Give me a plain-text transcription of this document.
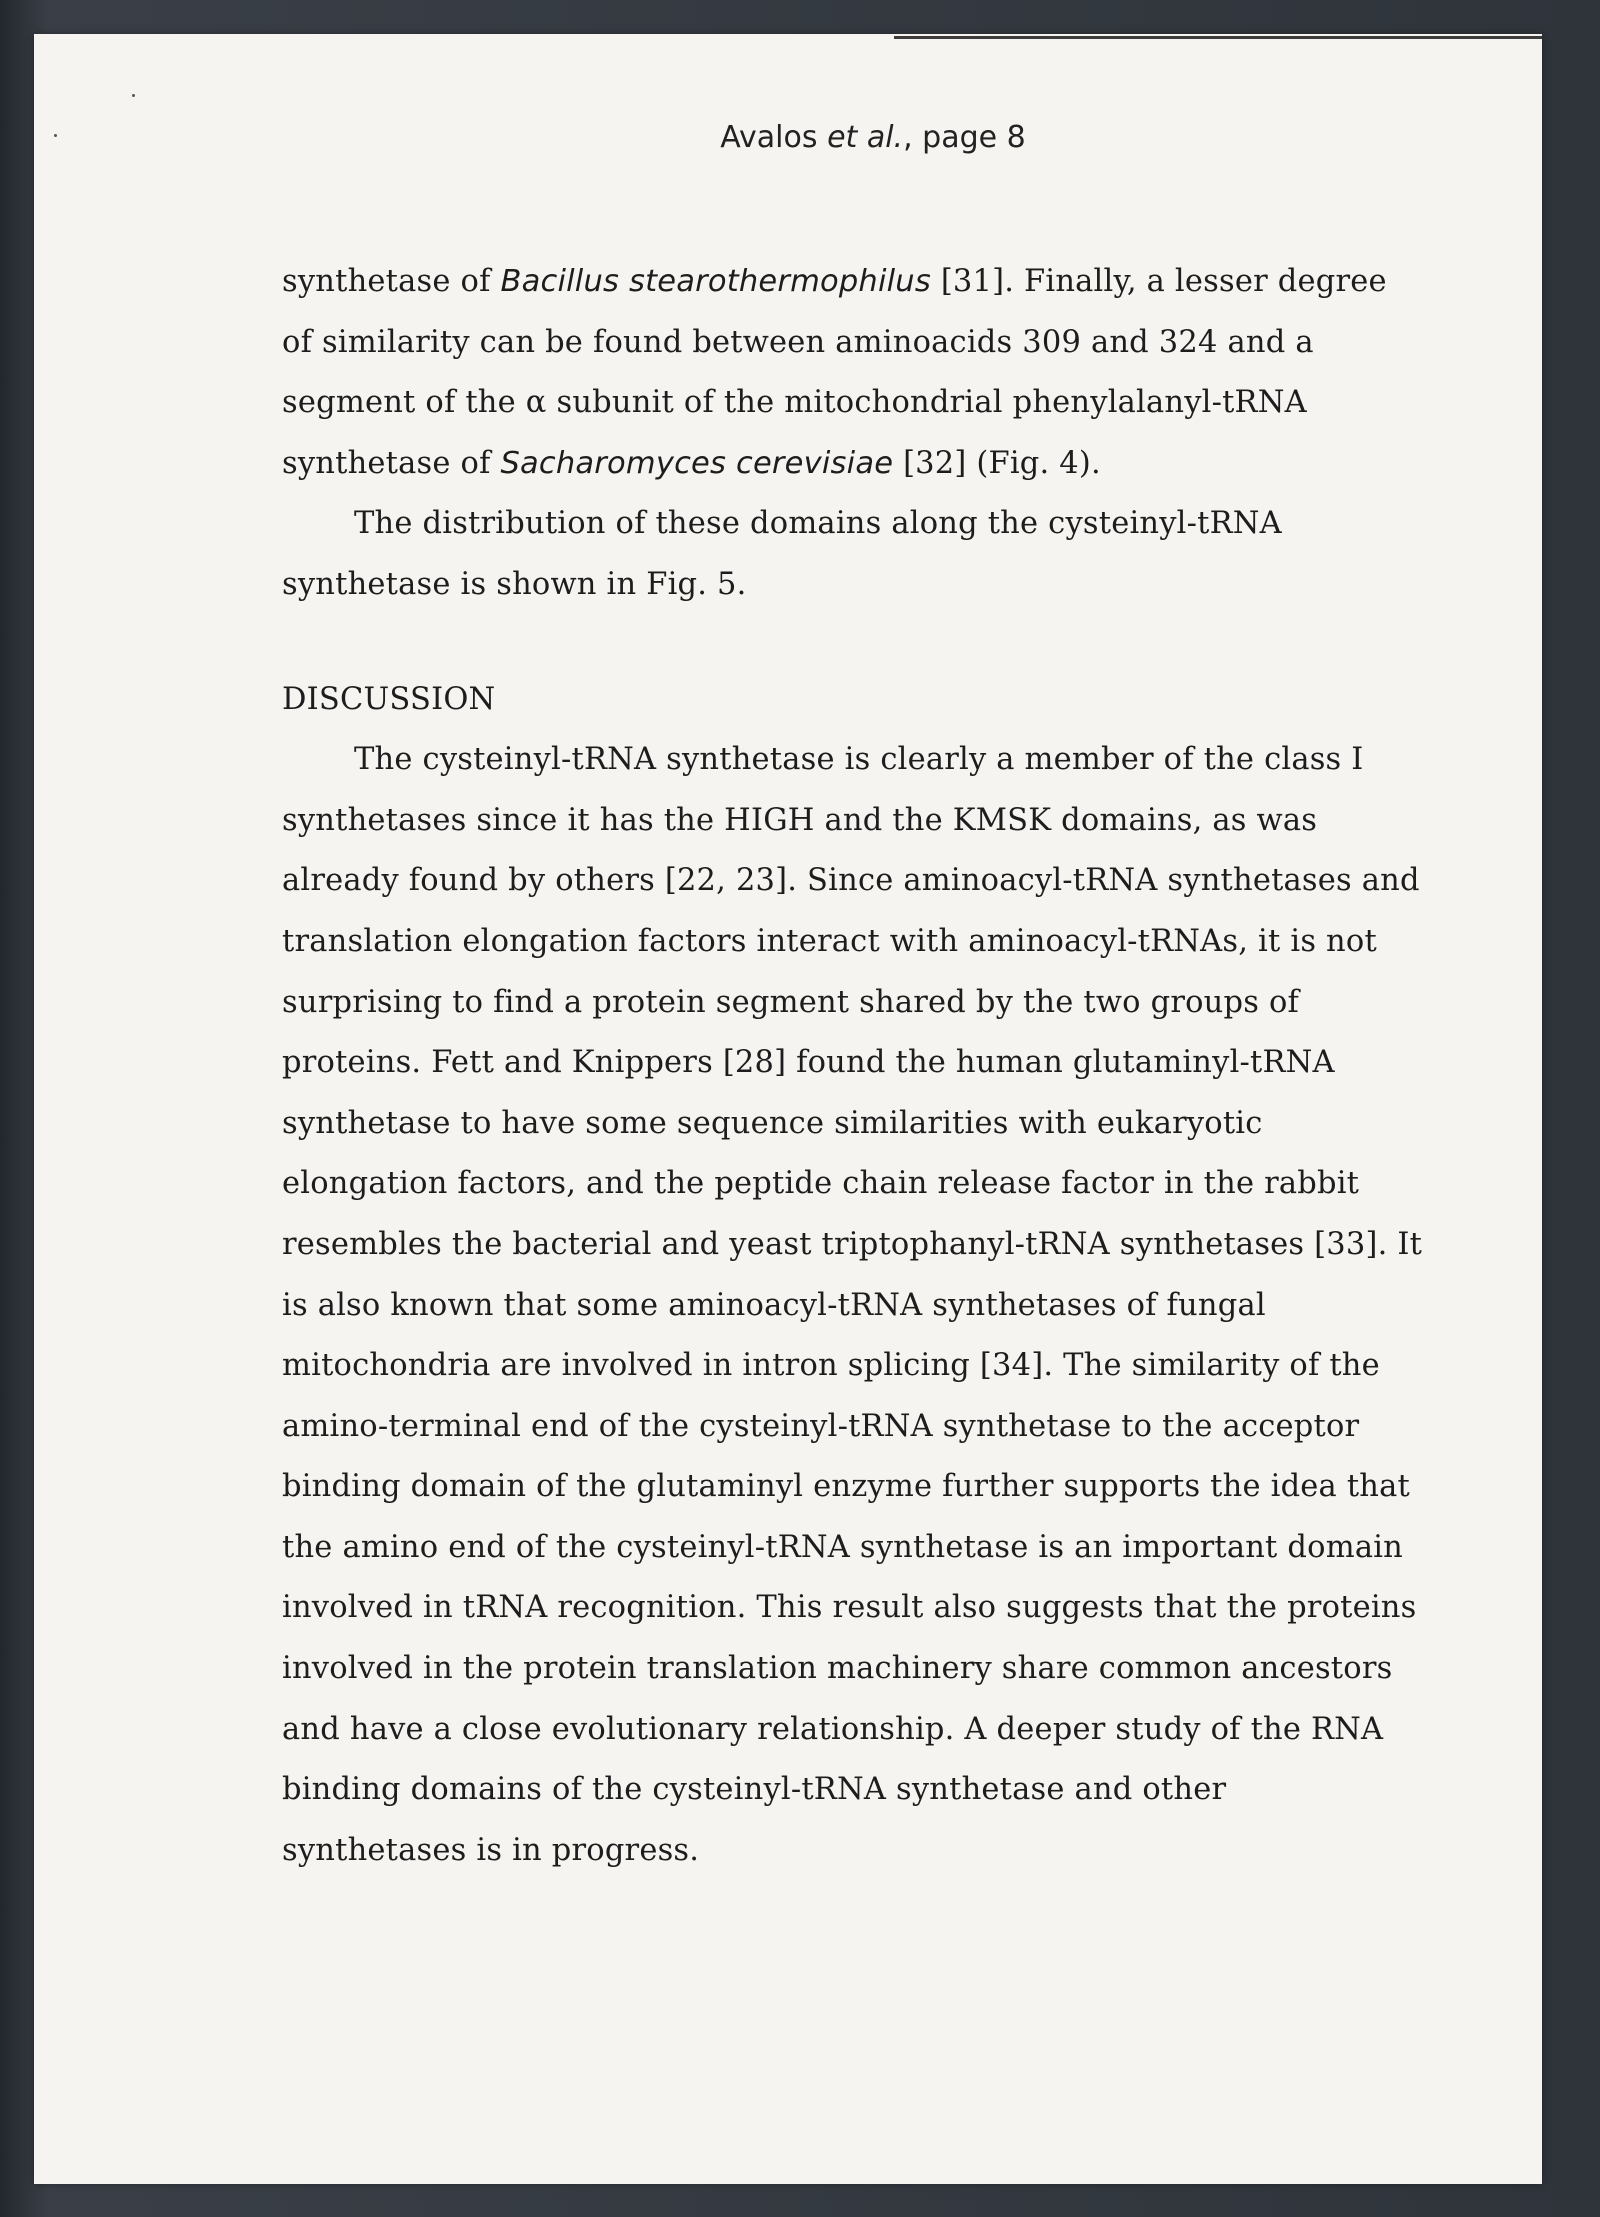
Avalos et al., page 8
synthetase of Bacillus stearothermophilus [31]. Finally, a lesser degree
of similarity can be found between aminoacids 309 and 324 and a
segment of the α subunit of the mitochondrial phenylalanyl-tRNA
synthetase of Sacharomyces cerevisiae [32] (Fig. 4).
The distribution of these domains along the cysteinyl-tRNA
synthetase is shown in Fig. 5.
DISCUSSION
The cysteinyl-tRNA synthetase is clearly a member of the class I
synthetases since it has the HIGH and the KMSK domains, as was
already found by others [22, 23]. Since aminoacyl-tRNA synthetases and
translation elongation factors interact with aminoacyl-tRNAs, it is not
surprising to find a protein segment shared by the two groups of
proteins. Fett and Knippers [28] found the human glutaminyl-tRNA
synthetase to have some sequence similarities with eukaryotic
elongation factors, and the peptide chain release factor in the rabbit
resembles the bacterial and yeast triptophanyl-tRNA synthetases [33]. It
is also known that some aminoacyl-tRNA synthetases of fungal
mitochondria are involved in intron splicing [34]. The similarity of the
amino-terminal end of the cysteinyl-tRNA synthetase to the acceptor
binding domain of the glutaminyl enzyme further supports the idea that
the amino end of the cysteinyl-tRNA synthetase is an important domain
involved in tRNA recognition. This result also suggests that the proteins
involved in the protein translation machinery share common ancestors
and have a close evolutionary relationship. A deeper study of the RNA
binding domains of the cysteinyl-tRNA synthetase and other
synthetases is in progress.
